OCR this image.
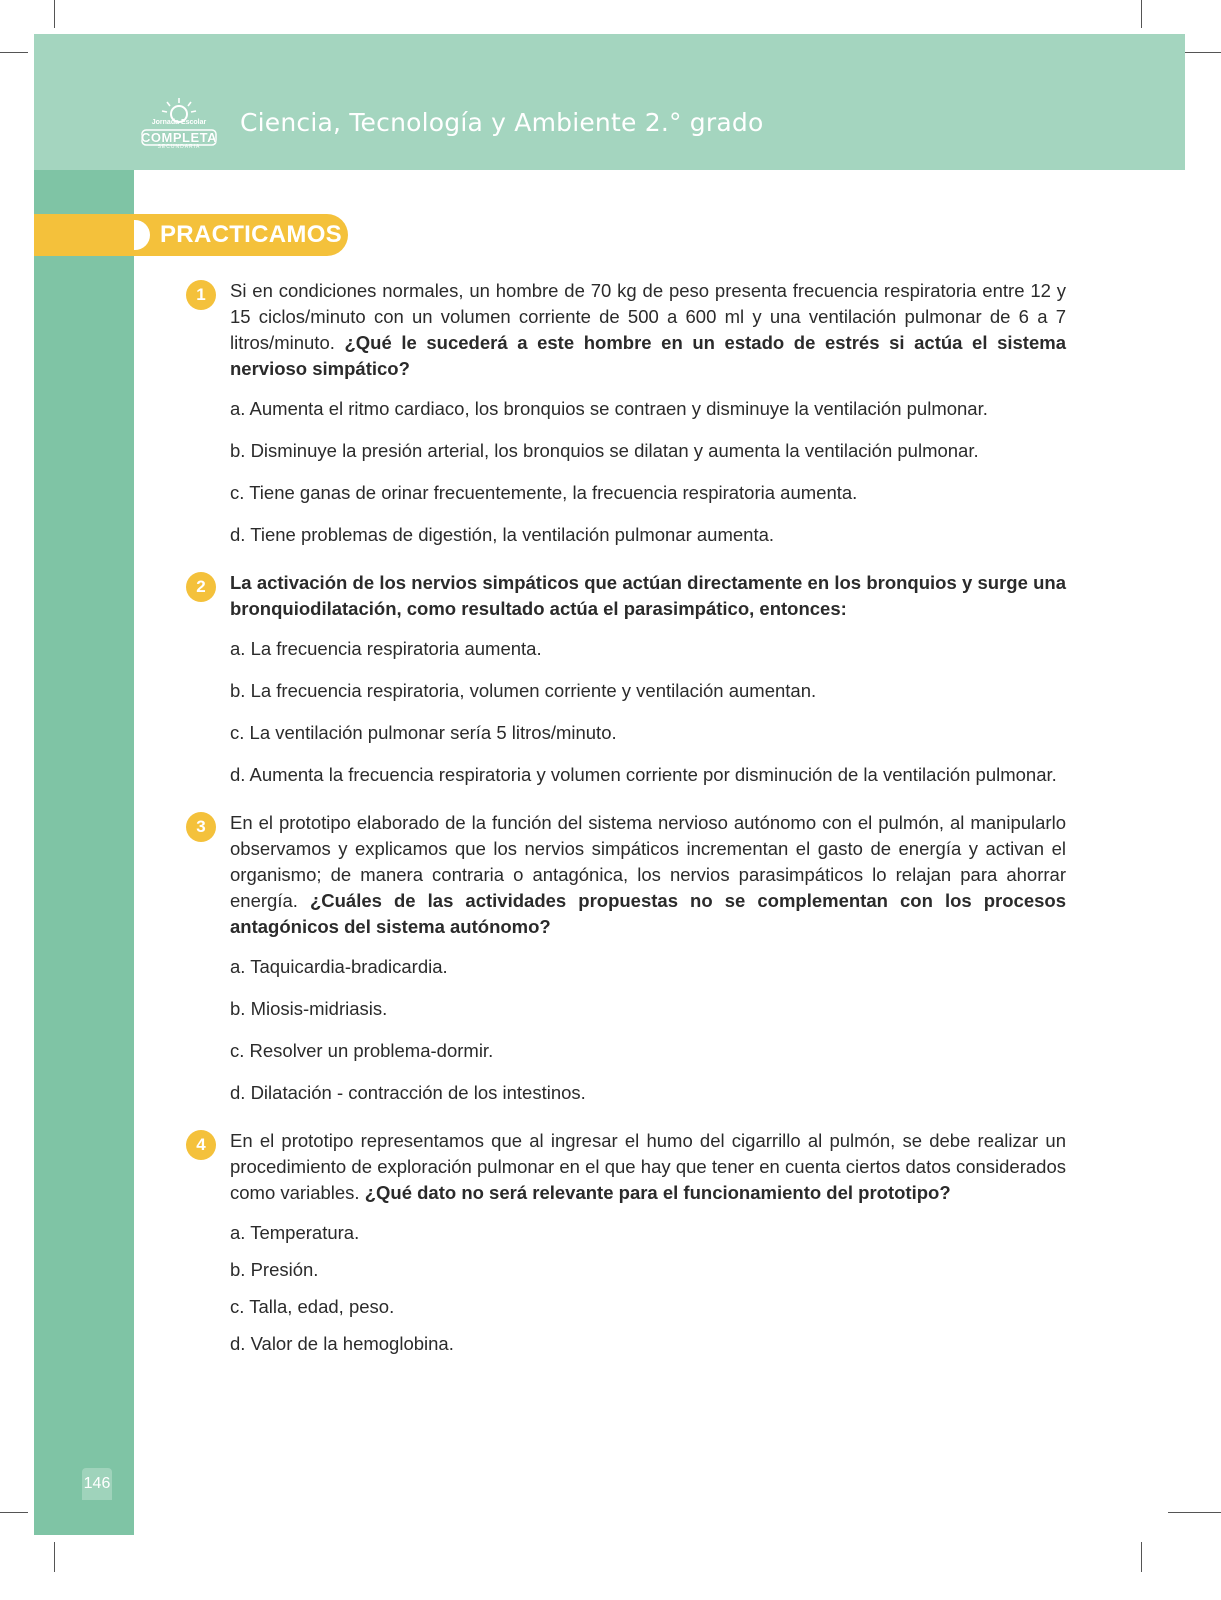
Jornada Escolar
COMPLETA
SECUNDARIA
Ciencia, Tecnología y Ambiente 2.° grado
146
PRACTICAMOS
1	Si en condiciones normales, un hombre de 70 kg de peso presenta frecuencia respiratoria entre 12 y 15 ciclos/minuto con un volumen corriente de 500 a 600 ml y una ventilación pulmonar de 6 a 7 litros/minuto. ¿Qué le sucederá a este hombre en un estado de estrés si actúa el sistema nervioso simpático?

a. Aumenta el ritmo cardiaco, los bronquios se contraen y disminuye la ventilación pulmonar.
b. Disminuye la presión arterial, los bronquios se dilatan y aumenta la ventilación pulmonar.
c. Tiene ganas de orinar frecuentemente, la frecuencia respiratoria aumenta.
d. Tiene problemas de digestión, la ventilación pulmonar aumenta.
2	La activación de los nervios simpáticos que actúan directamente en los bronquios y surge una bronquiodilatación, como resultado actúa el parasimpático, entonces:

a. La frecuencia respiratoria aumenta.
b. La frecuencia respiratoria, volumen corriente y ventilación aumentan.
c. La ventilación pulmonar sería 5 litros/minuto.
d. Aumenta la frecuencia respiratoria y volumen corriente por disminución de la ventilación pulmonar.
3	En el prototipo elaborado de la función del sistema nervioso autónomo con el pulmón, al manipularlo observamos y explicamos que los nervios simpáticos incrementan el gasto de energía y activan el organismo; de manera contraria o antagónica, los nervios parasimpáticos lo relajan para ahorrar energía. ¿Cuáles de las actividades propuestas no se complementan con los procesos antagónicos del sistema autónomo?

a. Taquicardia-bradicardia.
b. Miosis-midriasis.
c. Resolver un problema-dormir.
d. Dilatación - contracción de los intestinos.
4	En el prototipo representamos que al ingresar el humo del cigarrillo al pulmón, se debe realizar un procedimiento de exploración pulmonar en el que hay que tener en cuenta ciertos datos considerados como variables. ¿Qué dato no será relevante para el funcionamiento del prototipo?

a. Temperatura.
b. Presión.
c. Talla, edad, peso.
d. Valor de la hemoglobina.
